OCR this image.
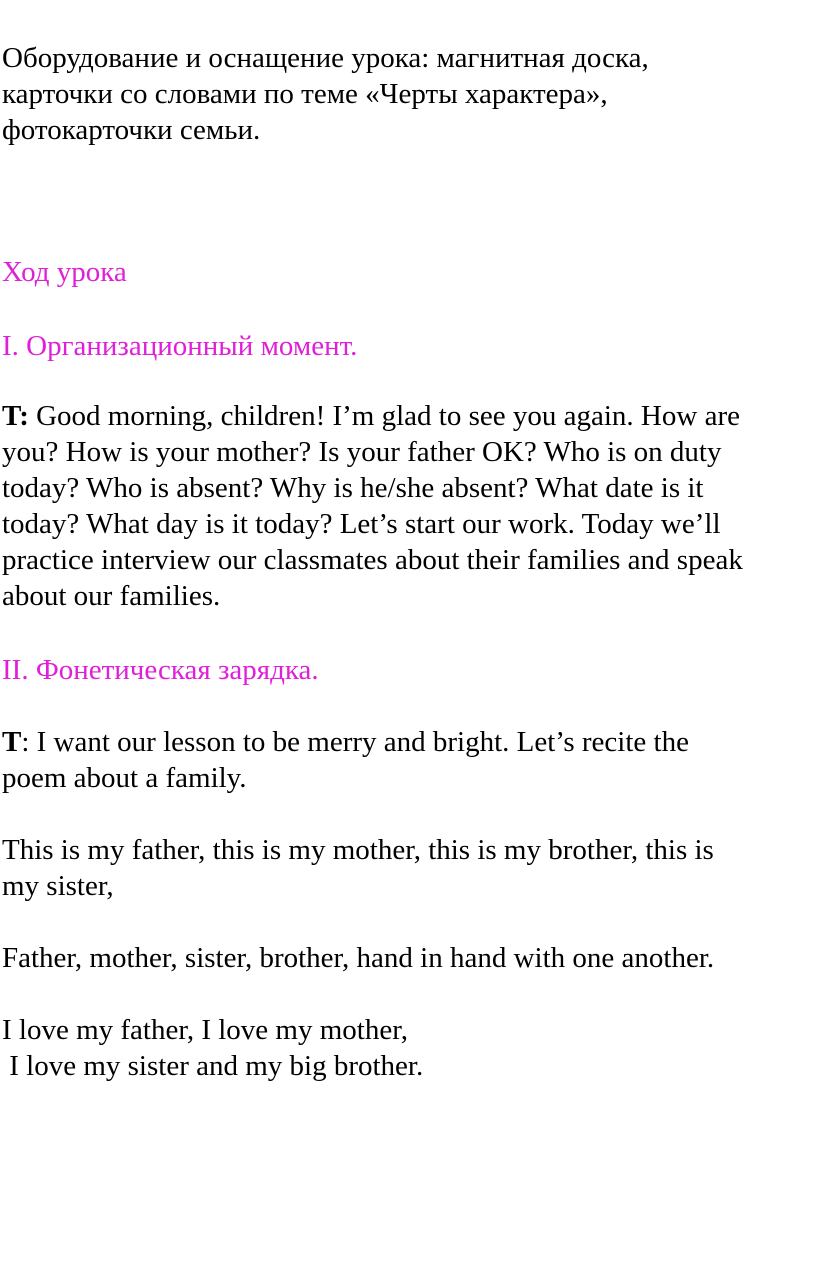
Оборудование и оснащение урока: магнитная доска,

карточки со словами по теме «Черты характера»,

фотокарточки семьи.

Ход урока

I. Организационный момент.

T: Good morning, children! I’m glad to see you again. How are

you? How is your mother? Is your father OK? Who is on duty

today? Who is absent? Why is he/she absent? What date is it

today? What day is it today? Let’s start our work. Today we’ll

practice interview our classmates about their families and speak

about our families.

II. Фонетическая зарядка.

T: I want our lesson to be merry and bright. Let’s recite the

poem about a family.

This is my father, this is my mother, this is my brother, this is

my sister,

Father, mother, sister, brother, hand in hand with one another.

I love my father, I love my mother,

I love my sister and my big brother.
